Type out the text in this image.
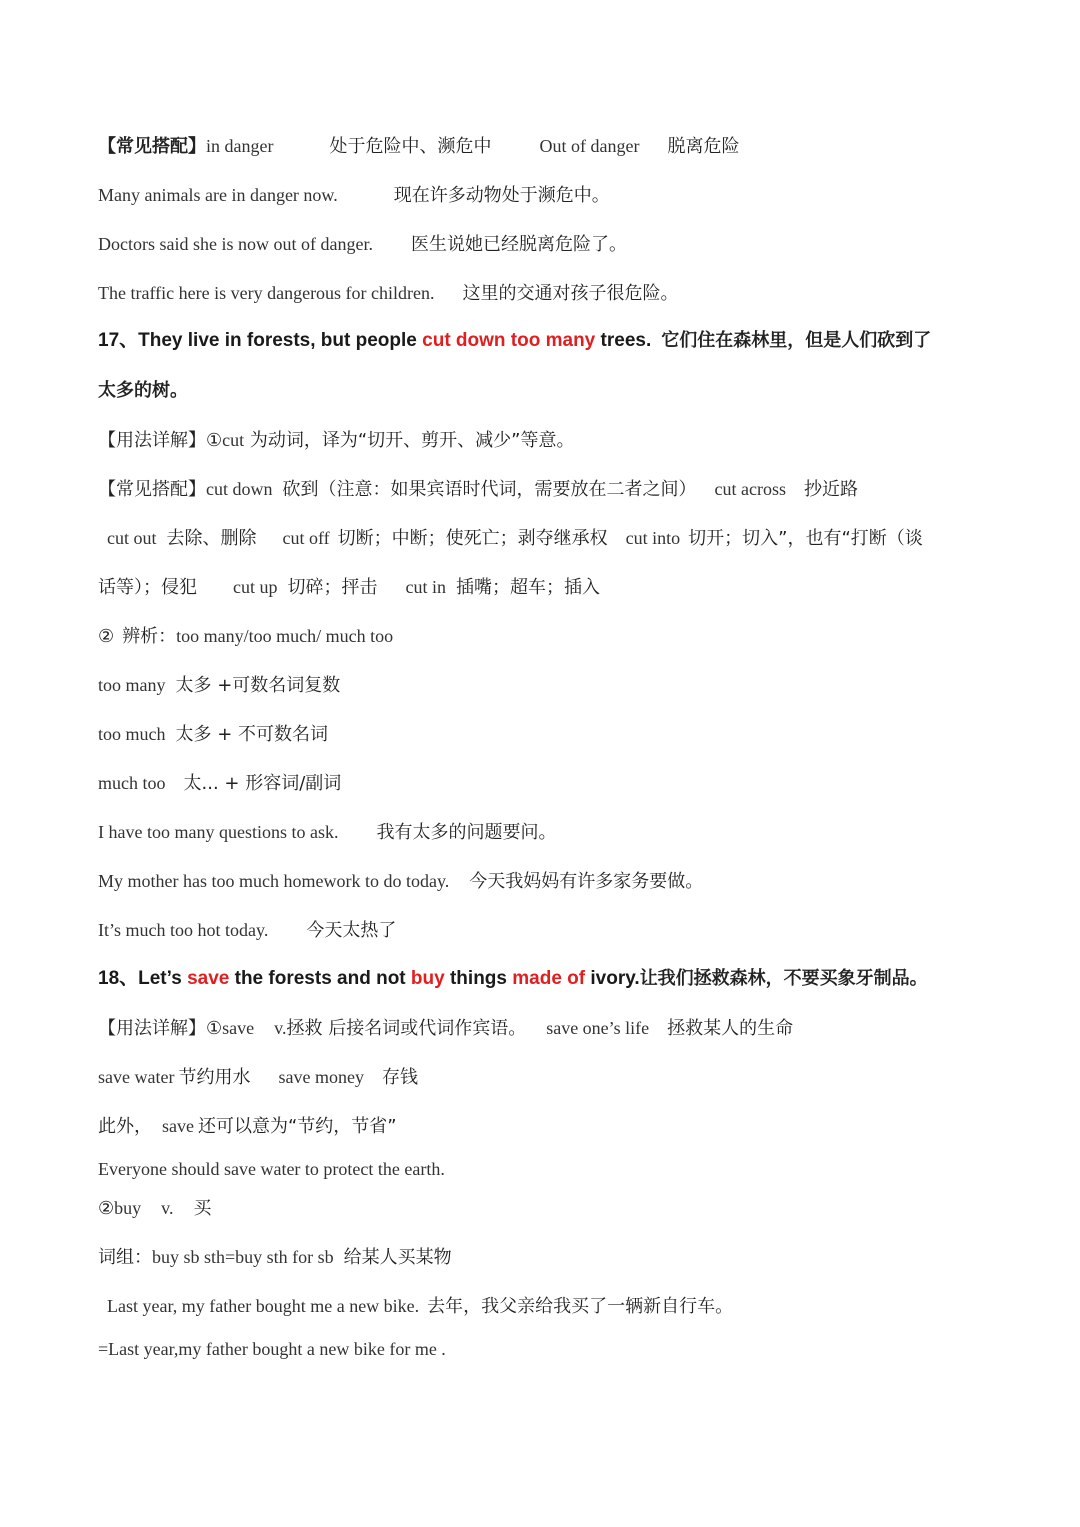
【常见搭配】in danger	处于危险中、濒危中	Out of danger 脱离危险
Many animals are in danger now.	现在许多动物处于濒危中。
Doctors said she is now out of danger. 医生说她已经脱离危险了。
The traffic here is very dangerous for children. 这里的交通对孩子很危险。
17、They live in forests, but people cut down too many trees. 它们住在森林里，但是人们砍到了
太多的树。
【用法详解】①cut 为动词，译为“切开、剪开、减少”等意。
【常见搭配】cut down 砍到（注意：如果宾语时代词，需要放在二者之间） cut across 抄近路
cut out 去除、删除 cut off 切断；中断；使死亡；剥夺继承权 cut into 切开；切入”，也有“打断（谈
话等）；侵犯 cut up 切碎；抨击 cut in 插嘴；超车；插入
② 辨析：too many/too much/ much too
too many 太多 +可数名词复数
too much 太多 + 不可数名词
much too 太... + 形容词/副词
I have too many questions to ask. 我有太多的问题要问。
My mother has too much homework to do today. 今天我妈妈有许多家务要做。
It’s much too hot today. 今天太热了
18、Let’s save the forests and not buy things made of ivory.让我们拯救森林，不要买象牙制品。
【用法详解】①save v.拯救 后接名词或代词作宾语。 save one’s life 拯救某人的生命
save water 节约用水 save money 存钱
此外， save 还可以意为“节约，节省”
Everyone should save water to protect the earth.
②buy v. 买
词组：buy sb sth=buy sth for sb 给某人买某物
Last year, my father bought me a new bike. 去年，我父亲给我买了一辆新自行车。
=Last year,my father bought a new bike for me .
